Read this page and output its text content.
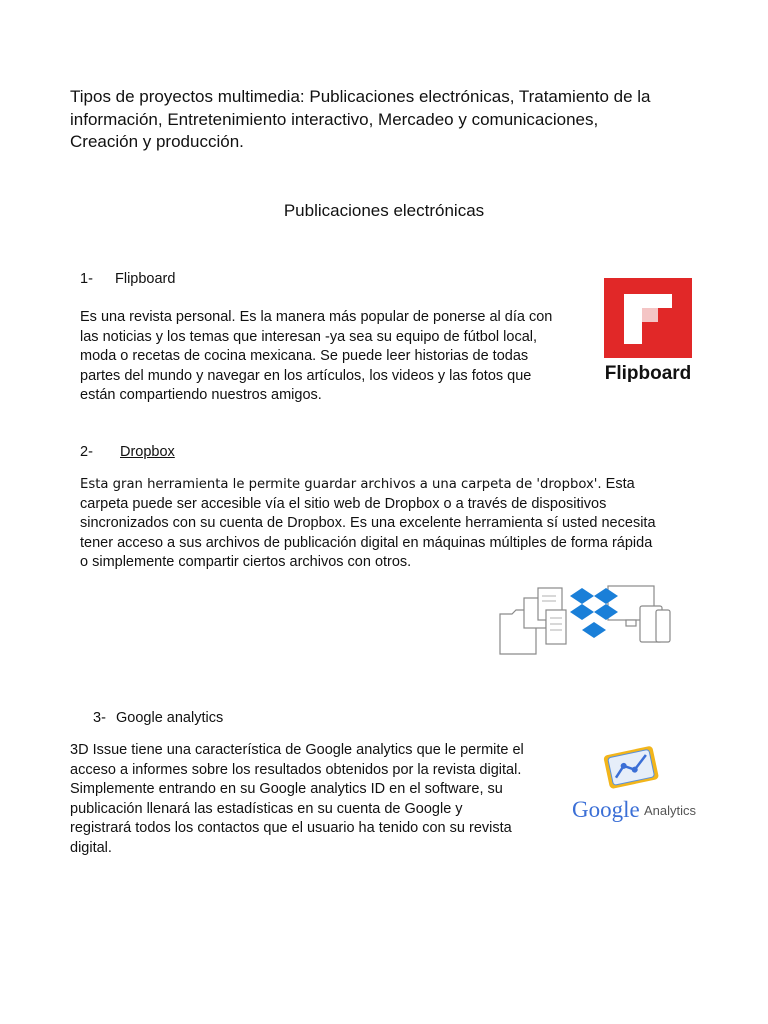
Tipos de proyectos multimedia: Publicaciones electrónicas, Tratamiento de la
información, Entretenimiento interactivo, Mercadeo y comunicaciones,
Creación y producción.
Publicaciones electrónicas
1- Flipboard
Es una revista personal. Es la manera más popular de ponerse al día con
las noticias y los temas que interesan -ya sea su equipo de fútbol local,
moda o recetas de cocina mexicana. Se puede leer historias de todas
partes del mundo y navegar en los artículos, los videos y las fotos que
están compartiendo nuestros amigos.
Flipboard
2- Dropbox
Esta gran herramienta le permite guardar archivos a una carpeta de 'dropbox'. Esta
carpeta puede ser accesible vía el sitio web de Dropbox o a través de dispositivos
sincronizados con su cuenta de Dropbox. Es una excelente herramienta sí usted necesita
tener acceso a sus archivos de publicación digital en máquinas múltiples de forma rápida
o simplemente compartir ciertos archivos con otros.
3- Google analytics
3D Issue tiene una característica de Google analytics que le permite el
acceso a informes sobre los resultados obtenidos por la revista digital.
Simplemente entrando en su Google analytics ID en el software, su
publicación llenará las estadísticas en su cuenta de Google y
registrará todos los contactos que el usuario ha tenido con su revista
digital.
Google Analytics
